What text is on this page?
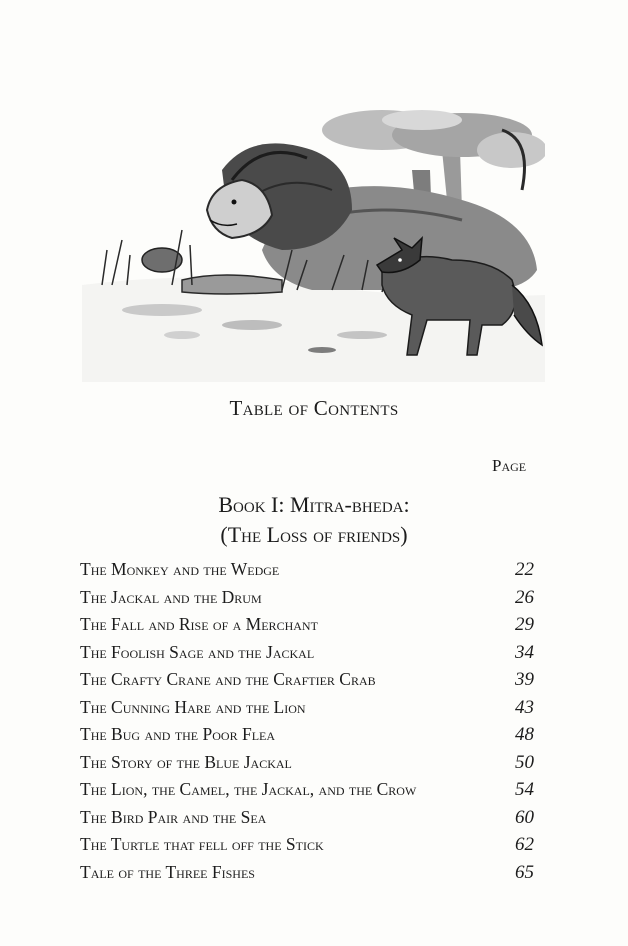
Table of Contents
Page
Book I: Mitra-bheda:
(The Loss of friends)
The Monkey and the Wedge	22
The Jackal and the Drum	26
The Fall and Rise of a Merchant	29
The Foolish Sage and the Jackal	34
The Crafty Crane and the Craftier Crab	39
The Cunning Hare and the Lion	43
The Bug and the Poor Flea	48
The Story of the Blue Jackal	50
The Lion, the Camel, the Jackal, and the Crow	54
The Bird Pair and the Sea	60
The Turtle that fell off the Stick	62
Tale of the Three Fishes	65
